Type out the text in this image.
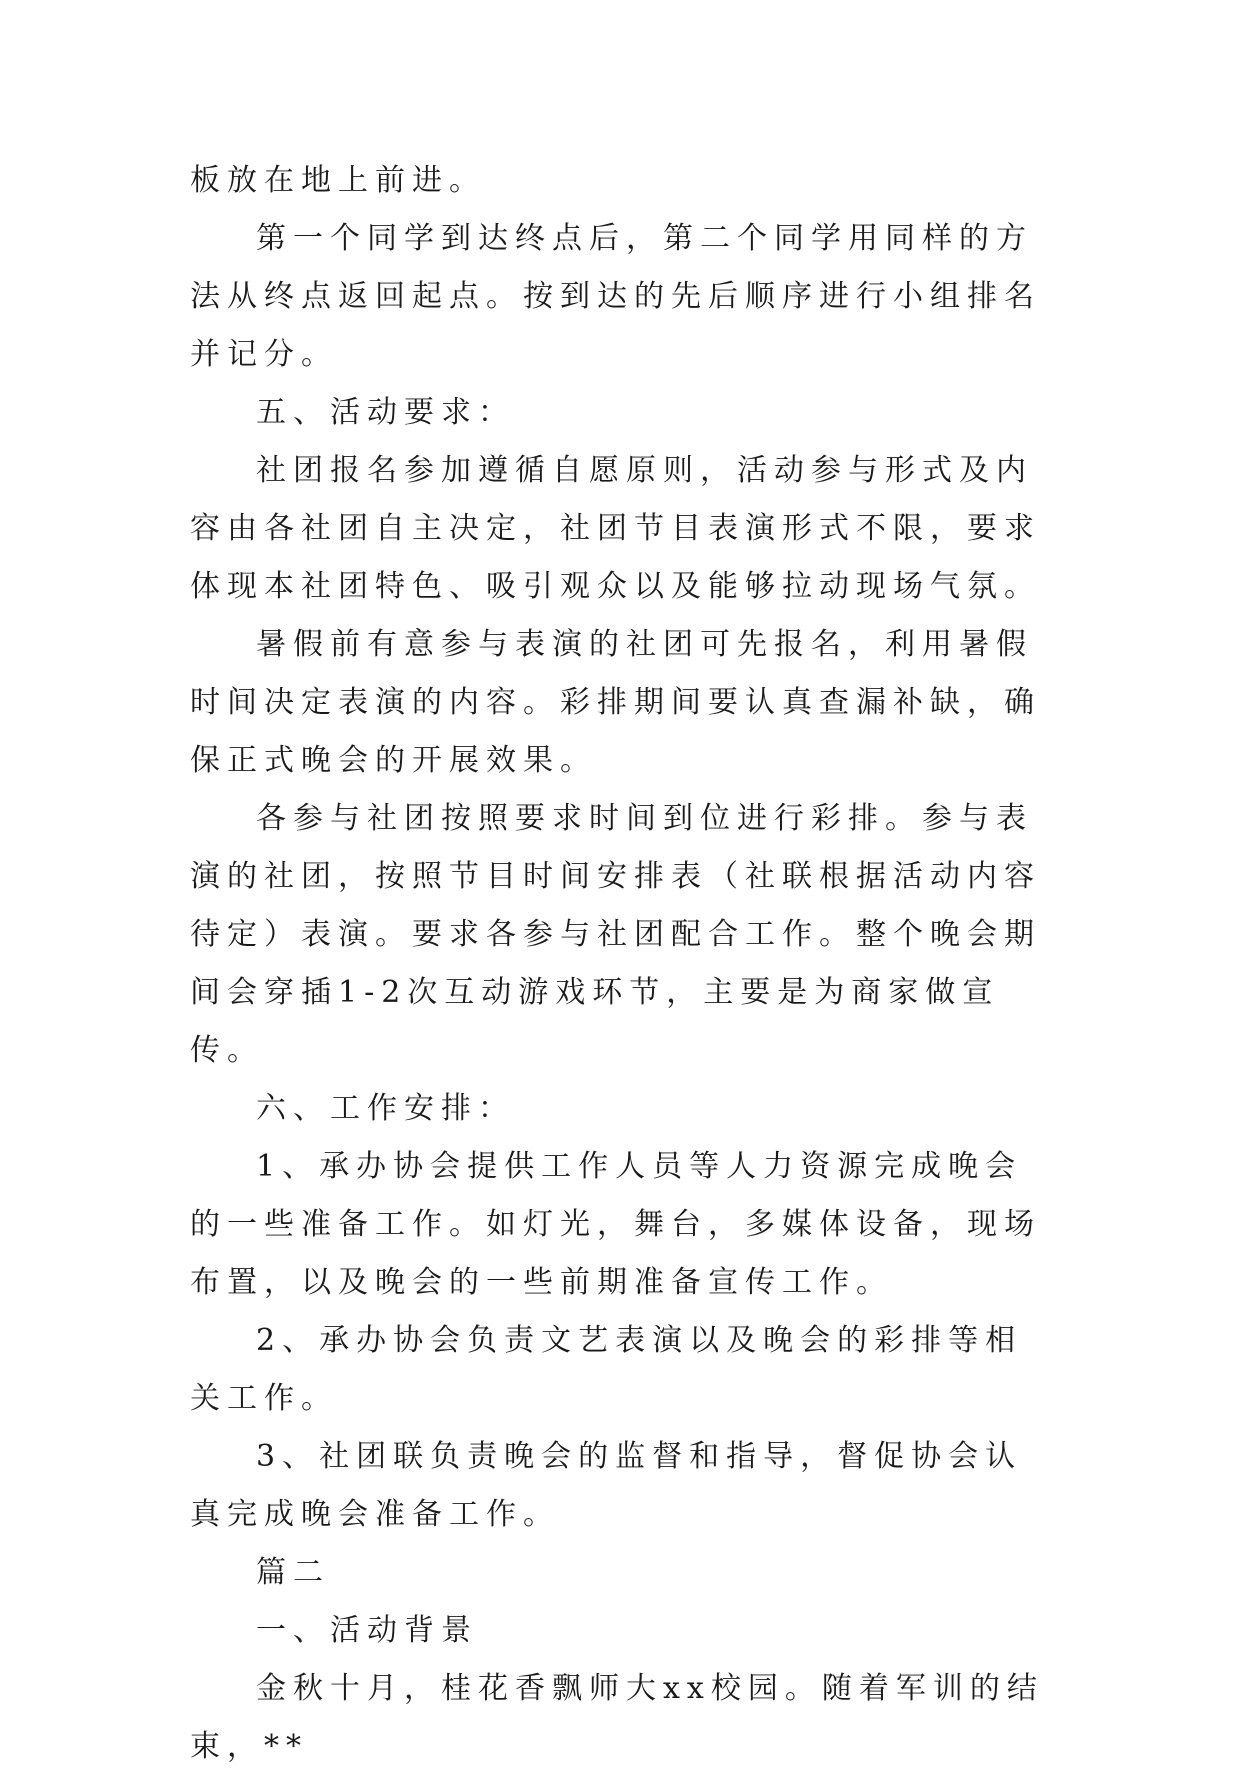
板放在地上前进。

第一个同学到达终点后，第二个同学用同样的方法从终点返回起点。按到达的先后顺序进行小组排名并记分。

五、活动要求：

社团报名参加遵循自愿原则，活动参与形式及内容由各社团自主决定，社团节目表演形式不限，要求体现本社团特色、吸引观众以及能够拉动现场气氛。

暑假前有意参与表演的社团可先报名，利用暑假时间决定表演的内容。彩排期间要认真查漏补缺，确保正式晚会的开展效果。

各参与社团按照要求时间到位进行彩排。参与表演的社团，按照节目时间安排表（社联根据活动内容待定）表演。要求各参与社团配合工作。整个晚会期间会穿插1-2次互动游戏环节，主要是为商家做宣传。

六、工作安排：

1、承办协会提供工作人员等人力资源完成晚会的一些准备工作。如灯光，舞台，多媒体设备，现场布置，以及晚会的一些前期准备宣传工作。

2、承办协会负责文艺表演以及晚会的彩排等相关工作。

3、社团联负责晚会的监督和指导，督促协会认真完成晚会准备工作。

篇二

一、活动背景

金秋十月，桂花香飘师大xx校园。随着军训的结束，**
